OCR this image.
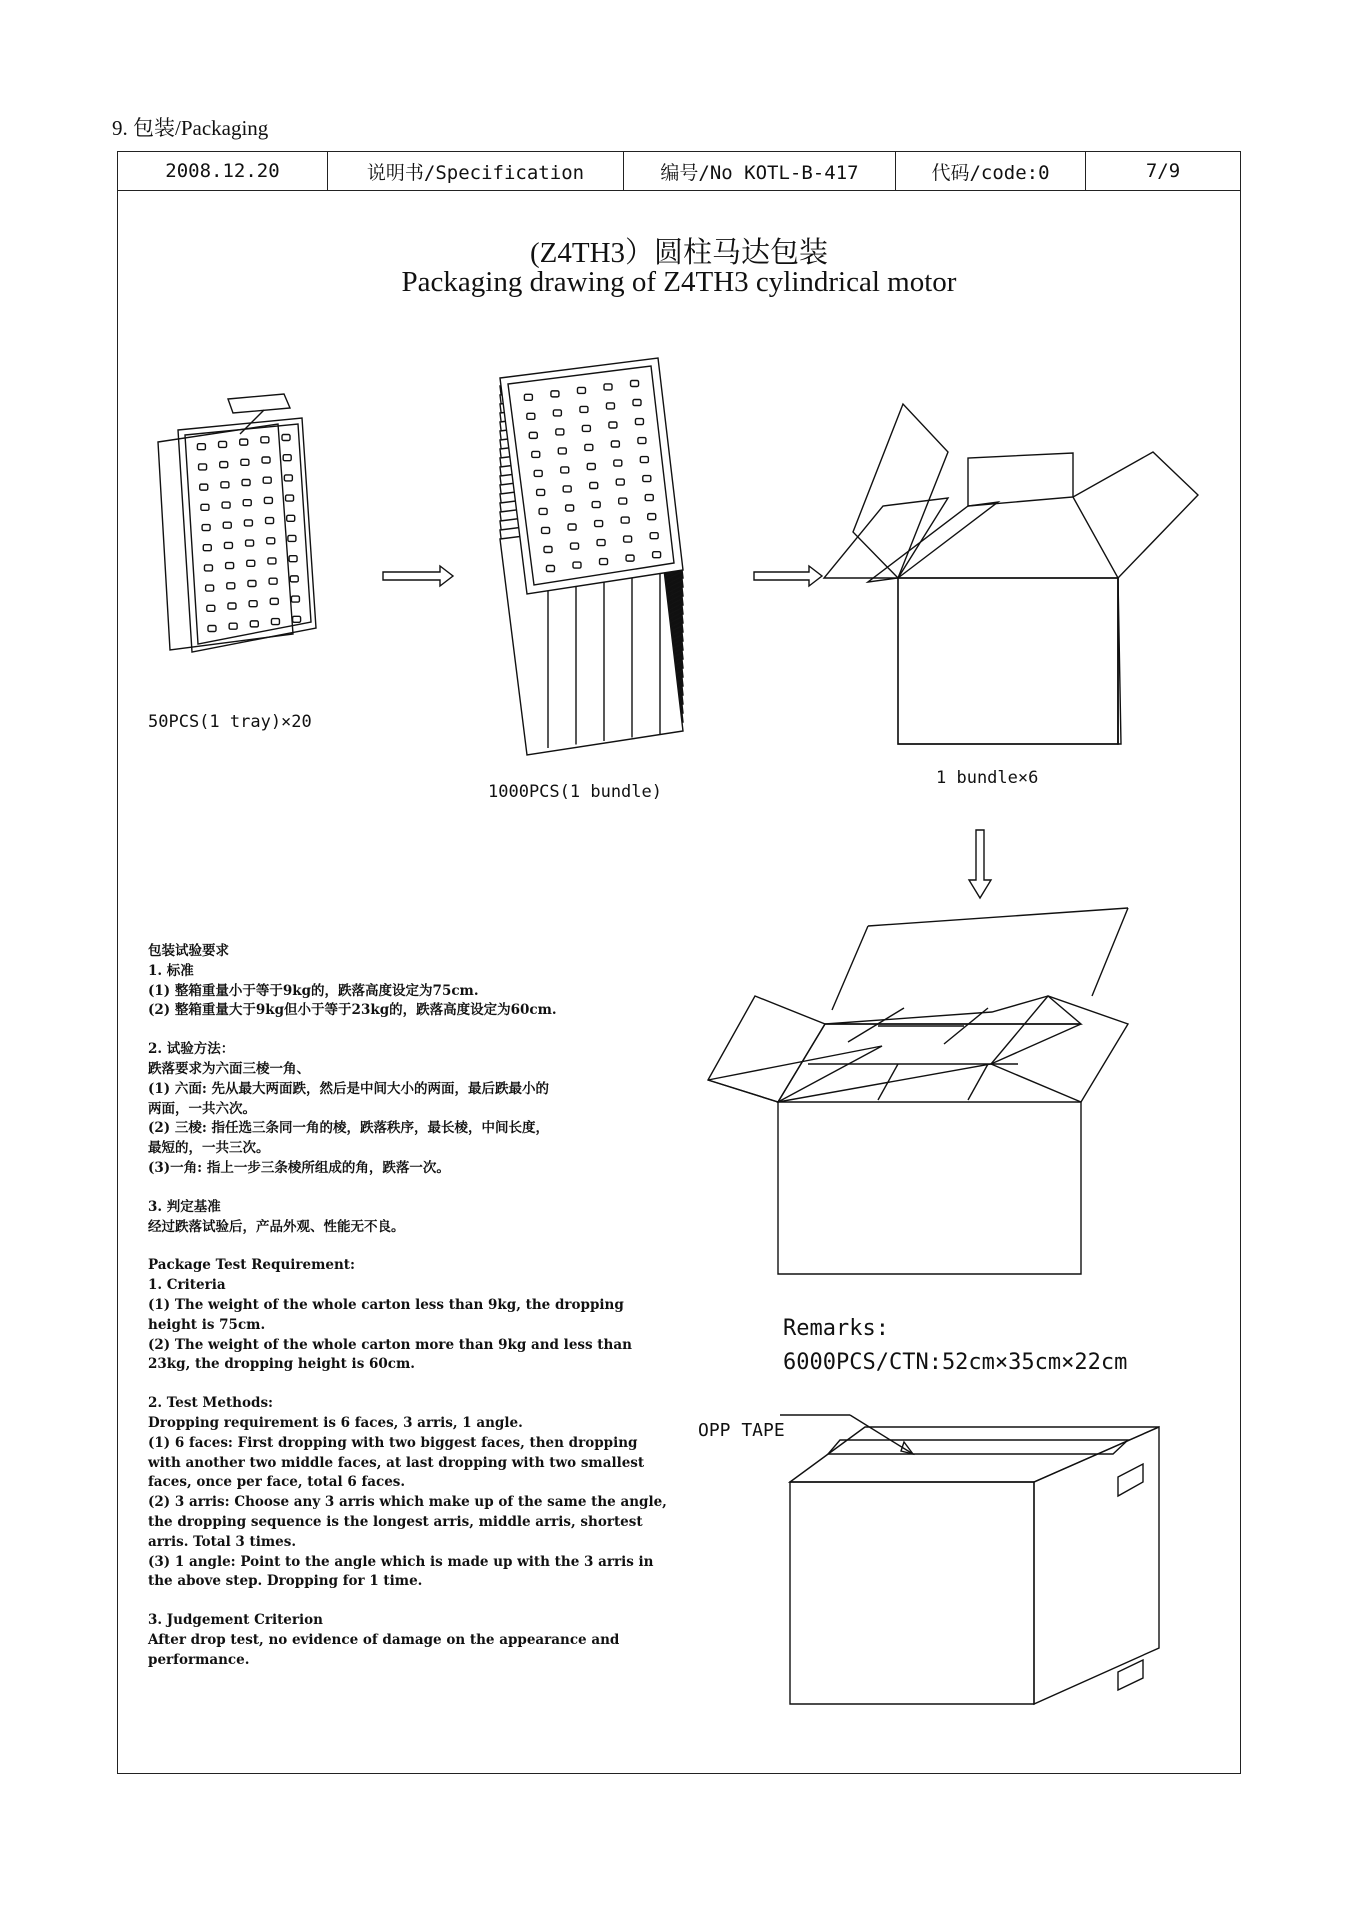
9. 包装/Packaging
2008.12.20	说明书/Specification	编号/No KOTL-B-417	代码/code:0	7/9
(Z4TH3）圆柱马达包装
Packaging drawing of Z4TH3 cylindrical motor
50PCS(1 tray)×20
1000PCS(1 bundle)
1 bundle×6
Remarks:
6000PCS/CTN:52cm×35cm×22cm
OPP TAPE
包装试验要求
1. 标准
(1) 整箱重量小于等于9kg的，跌落高度设定为75cm.
(2) 整箱重量大于9kg但小于等于23kg的，跌落高度设定为60cm.
2. 试验方法：
跌落要求为六面三棱一角、
(1) 六面: 先从最大两面跌，然后是中间大小的两面，最后跌最小的
两面，一共六次。
(2) 三棱: 指任选三条同一角的棱，跌落秩序，最长棱，中间长度，
最短的，一共三次。
(3)一角: 指上一步三条棱所组成的角，跌落一次。
3. 判定基准
经过跌落试验后，产品外观、性能无不良。
Package Test Requirement:
1. Criteria
(1) The weight of the whole carton less than 9kg, the dropping
height is 75cm.
(2) The weight of the whole carton more than 9kg and less than
23kg, the dropping height is 60cm.
2. Test Methods:
Dropping requirement is 6 faces, 3 arris, 1 angle.
(1) 6 faces: First dropping with two biggest faces, then dropping
with another two middle faces, at last dropping with two smallest
faces, once per face, total 6 faces.
(2) 3 arris: Choose any 3 arris which make up of the same the angle,
the dropping sequence is the longest arris, middle arris, shortest
arris. Total 3 times.
(3) 1 angle: Point to the angle which is made up with the 3 arris in
the above step. Dropping for 1 time.
3. Judgement Criterion
After drop test, no evidence of damage on the appearance and
performance.
